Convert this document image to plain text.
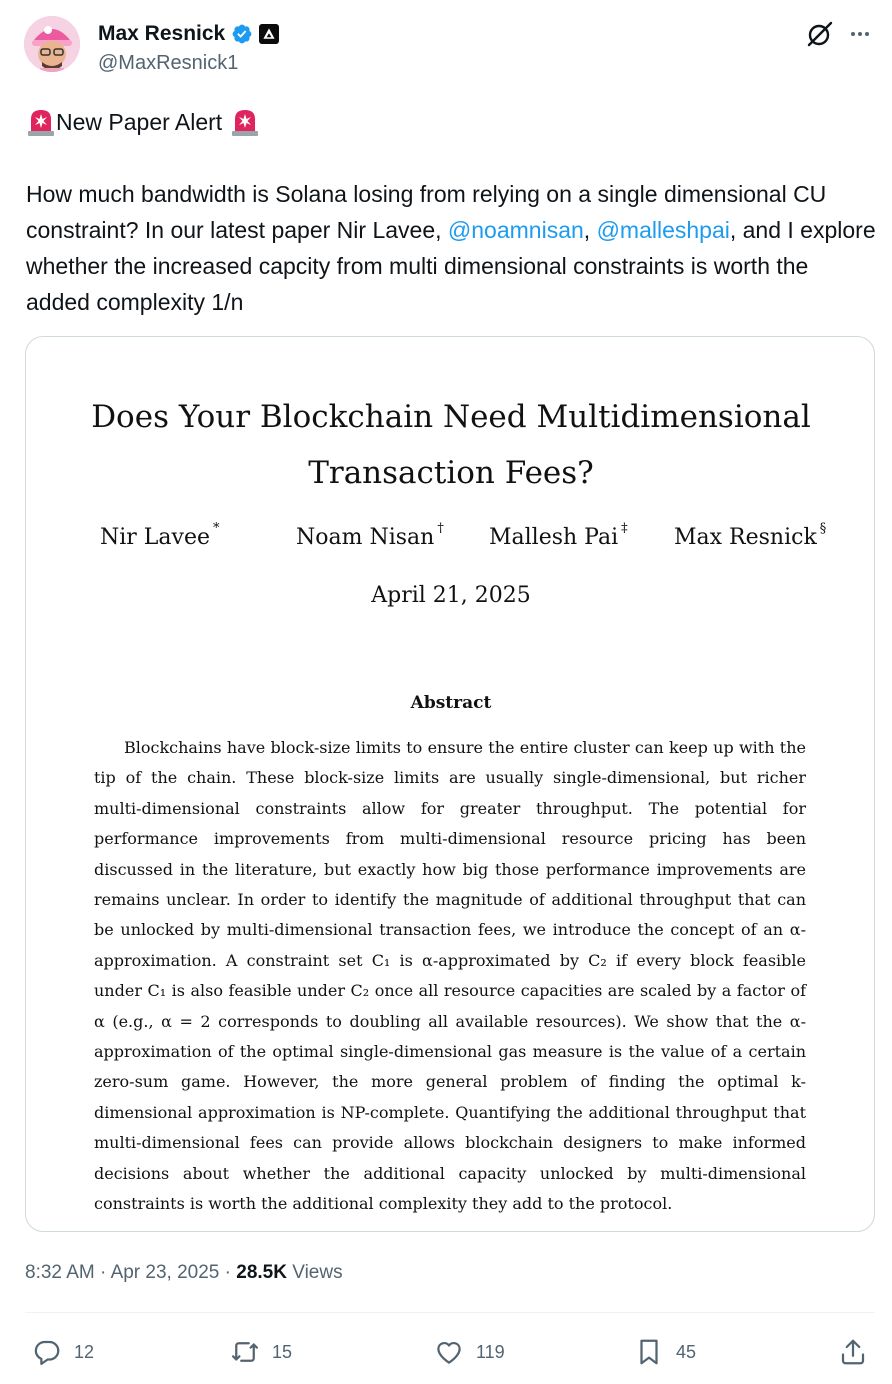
Max Resnick
@MaxResnick1
New Paper Alert

How much bandwidth is Solana losing from relying on a single dimensional CU constraint? In our latest paper Nir Lavee, @noamnisan, @malleshpai, and I explore whether the increased capcity from multi dimensional constraints is worth the added complexity 1/n

Does Your Blockchain Need Multidimensional
Transaction Fees?
Nir Lavee *	Noam Nisan † Mallesh Pai ‡ Max Resnick §
April 21, 2025
Abstract
Blockchains have block-size limits to ensure the entire cluster can keep up with the tip of the chain. These block-size limits are usually single-dimensional, but richer multi-dimensional constraints allow for greater throughput. The potential for performance improvements from multi-dimensional resource pricing has been discussed in the literature, but exactly how big those performance improvements are remains unclear. In order to identify the magnitude of additional throughput that can be unlocked by multi-dimensional transaction fees, we introduce the concept of an α-approximation. A constraint set C₁ is α-approximated by C₂ if every block feasible under C₁ is also feasible under C₂ once all resource capacities are scaled by a factor of α (e.g., α = 2 corresponds to doubling all available resources). We show that the α-approximation of the optimal single-dimensional gas measure is the value of a certain zero-sum game. However, the more general problem of finding the optimal k-dimensional approximation is NP-complete. Quantifying the additional throughput that multi-dimensional fees can provide allows blockchain designers to make informed decisions about whether the additional capacity unlocked by multi-dimensional constraints is worth the additional complexity they add to the protocol.
8:32 AM · Apr 23, 2025 · 28.5K Views
12	15	119	45
